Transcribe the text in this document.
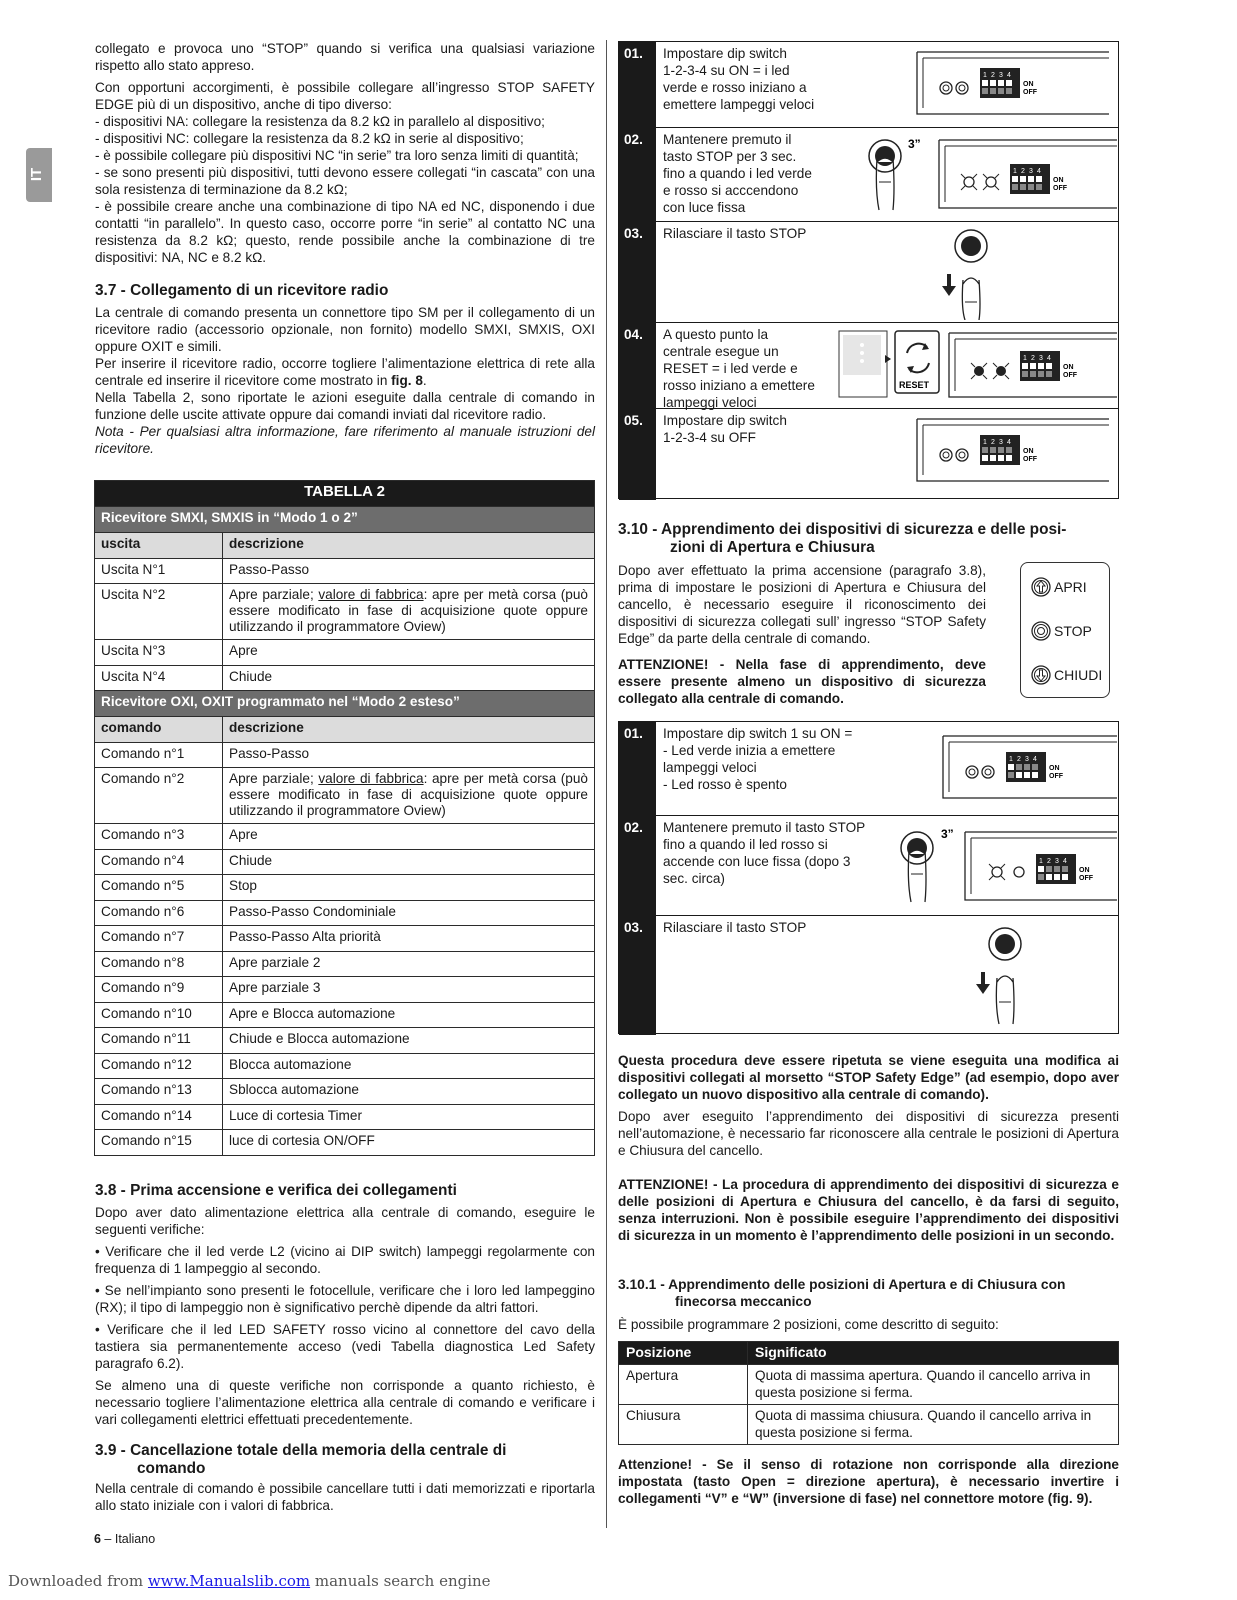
IT

collegato e provoca uno “STOP” quando si verifica una qualsiasi variazione rispetto allo stato appreso.

Con opportuni accorgimenti, è possibile collegare all’ingresso STOP SAFETY EDGE più di un dispositivo, anche di tipo diverso:

- dispositivi NA: collegare la resistenza da 8.2 kΩ in parallelo al dispositivo;

- dispositivi NC: collegare la resistenza da 8.2 kΩ in serie al dispositivo;

- è possibile collegare più dispositivi NC “in serie” tra loro senza limiti di quantità;

- se sono presenti più dispositivi, tutti devono essere collegati “in cascata” con una sola resistenza di terminazione da 8.2 kΩ;

- è possibile creare anche una combinazione di tipo NA ed NC, disponendo i due contatti “in parallelo”. In questo caso, occorre porre “in serie” al contatto NC una resistenza da 8.2 kΩ; questo, rende possibile anche la combinazione di tre dispositivi: NA, NC e 8.2 kΩ.

3.7 - Collegamento di un ricevitore radio

La centrale di comando presenta un connettore tipo SM per il collegamento di un ricevitore radio (accessorio opzionale, non fornito) modello SMXI, SMXIS, OXI oppure OXIT e simili.

Per inserire il ricevitore radio, occorre togliere l’alimentazione elettrica di rete alla centrale ed inserire il ricevitore come mostrato in fig. 8.

Nella Tabella 2, sono riportate le azioni eseguite dalla centrale di comando in funzione delle uscite attivate oppure dai comandi inviati dal ricevitore radio.

Nota - Per qualsiasi altra informazione, fare riferimento al manuale istruzioni del ricevitore.

TABELLA 2	
Ricevitore SMXI, SMXIS in “Modo 1 o 2”	
uscita	descrizione
Uscita N°1	Passo-Passo
Uscita N°2	Apre parziale; valore di fabbrica: apre per metà corsa (può essere modificato in fase di acquisizione quote oppure utilizzando il programmatore Oview)
Uscita N°3	Apre
Uscita N°4	Chiude
Ricevitore OXI, OXIT programmato nel “Modo 2 esteso”	
comando	descrizione
Comando n°1	Passo-Passo
Comando n°2	Apre parziale; valore di fabbrica: apre per metà corsa (può essere modificato in fase di acquisizione quote oppure utilizzando il programmatore Oview)
Comando n°3	Apre
Comando n°4	Chiude
Comando n°5	Stop
Comando n°6	Passo-Passo Condominiale
Comando n°7	Passo-Passo Alta priorità
Comando n°8	Apre parziale 2
Comando n°9	Apre parziale 3
Comando n°10	Apre e Blocca automazione
Comando n°11	Chiude e Blocca automazione
Comando n°12	Blocca automazione
Comando n°13	Sblocca automazione
Comando n°14	Luce di cortesia Timer
Comando n°15	luce di cortesia ON/OFF
3.8 - Prima accensione e verifica dei collegamenti

Dopo aver dato alimentazione elettrica alla centrale di comando, eseguire le seguenti verifiche:

• Verificare che il led verde L2 (vicino ai DIP switch) lampeggi regolarmente con frequenza di 1 lampeggio al secondo.

• Se nell’impianto sono presenti le fotocellule, verificare che i loro led lampeggino (RX); il tipo di lampeggio non è significativo perchè dipende da altri fattori.

• Verificare che il led LED SAFETY rosso vicino al connettore del cavo della tastiera sia permanentemente acceso (vedi Tabella diagnostica Led Safety paragrafo 6.2).

Se almeno una di queste verifiche non corrisponde a quanto richiesto, è necessario togliere l’alimentazione elettrica alla centrale di comando e verificare i vari collegamenti elettrici effettuati precedentemente.

3.9 - Cancellazione totale della memoria della centrale di
comando

Nella centrale di comando è possibile cancellare tutti i dati memorizzati e riportarla allo stato iniziale con i valori di fabbrica.

01.	Impostare dip switch
1-2-3-4 su ON = i led
verde e rosso iniziano a
emettere lampeggi veloci
1 2 3 4
ON
OFF
02.	Mantenere premuto il
tasto STOP per 3 sec.
fino a quando i led verde
e rosso si acccendono
con luce fissa
3”
1 2 3 4
ON
OFF
03.	Rilasciare il tasto STOP
04.	A questo punto la
centrale esegue un
RESET = i led verde e
rosso iniziano a emettere
lampeggi veloci
RESET
1 2 3 4
ON
OFF
05.	Impostare dip switch
1-2-3-4 su OFF	1 2 3 4
ON
OFF
3.10 - Apprendimento dei dispositivi di sicurezza e delle posi-
zioni di Apertura e Chiusura
Dopo aver effettuato la prima accensione (paragrafo 3.8), prima di impostare le posizioni di Apertura e Chiusura del cancello, è necessario eseguire il riconoscimento dei dispositivi di sicurezza collegati sull’ ingresso “STOP Safety Edge” da parte della centrale di comando.
ATTENZIONE! - Nella fase di apprendimento, deve essere presente almeno un dispositivo di sicurezza collegato alla centrale di comando.
APRI
STOP
CHIUDI
01.	Impostare dip switch 1 su ON =
- Led verde inizia a emettere
lampeggi veloci
- Led rosso è spento
1 2 3 4
ON
OFF
02.	Mantenere premuto il tasto STOP
fino a quando il led rosso si
accende con luce fissa (dopo 3
sec. circa)
3”
1 2 3 4
ON
OFF
03.	Rilasciare il tasto STOP
Questa procedura deve essere ripetuta se viene eseguita una modifica ai dispositivi collegati al morsetto “STOP Safety Edge” (ad esempio, dopo aver collegato un nuovo dispositivo alla centrale di comando).
Dopo aver eseguito l’apprendimento dei dispositivi di sicurezza presenti nell’automazione, è necessario far riconoscere alla centrale le posizioni di Apertura e Chiusura del cancello.
ATTENZIONE! - La procedura di apprendimento dei dispositivi di sicurezza e delle posizioni di Apertura e Chiusura del cancello, è da farsi di seguito, senza interruzioni. Non è possibile eseguire l’apprendimento dei dispositivi di sicurezza in un momento è l’apprendimento delle posizioni in un secondo.
3.10.1 - Apprendimento delle posizioni di Apertura e di Chiusura con
finecorsa meccanico
È possibile programmare 2 posizioni, come descritto di seguito:
Posizione	Significato
Apertura	Quota di massima apertura. Quando il cancello arriva in questa posizione si ferma.
Chiusura	Quota di massima chiusura. Quando il cancello arriva in questa posizione si ferma.
Attenzione! - Se il senso di rotazione non corrisponde alla direzione impostata (tasto Open = direzione apertura), è necessario invertire i collegamenti “V” e “W” (inversione di fase) nel connettore motore (fig. 9).
6 – Italiano
Downloaded from www.Manualslib.com manuals search engine
